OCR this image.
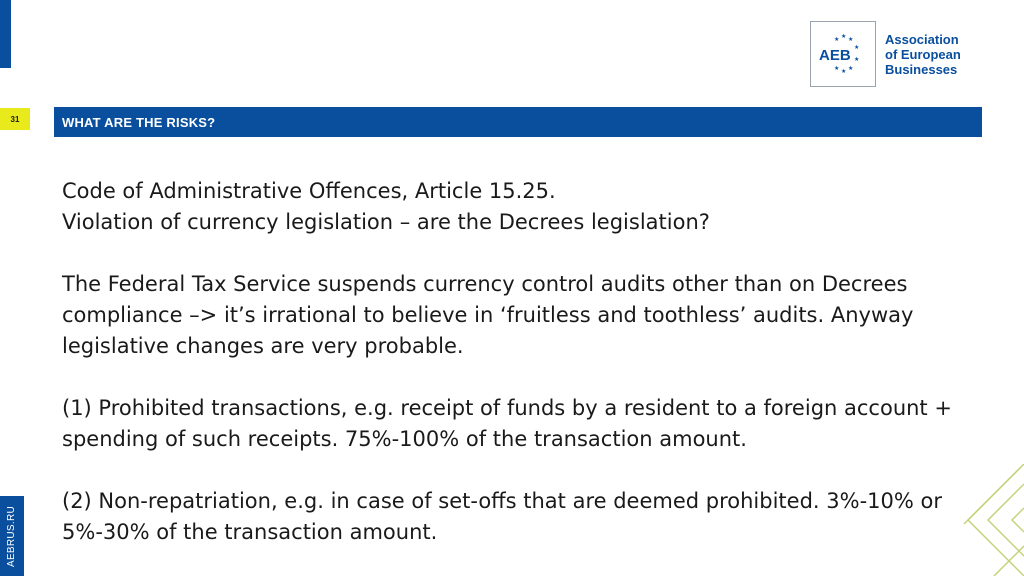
31
★ ★ ★
★
★
★
★
★
AEB
Association
of European
Businesses
WHAT ARE THE RISKS?

Code of Administrative Offences, Article 15.25.
Violation of currency legislation – are the Decrees legislation?

The Federal Tax Service suspends currency control audits other than on Decrees compliance –> it’s irrational to believe in ‘fruitless and toothless’ audits. Anyway legislative changes are very probable.

(1) Prohibited transactions, e.g. receipt of funds by a resident to a foreign account + spending of such receipts. 75%-100% of the transaction amount.

(2) Non-repatriation, e.g. in case of set-offs that are deemed prohibited. 3%-10% or 5%-30% of the transaction amount.

AEBRUS.RU
